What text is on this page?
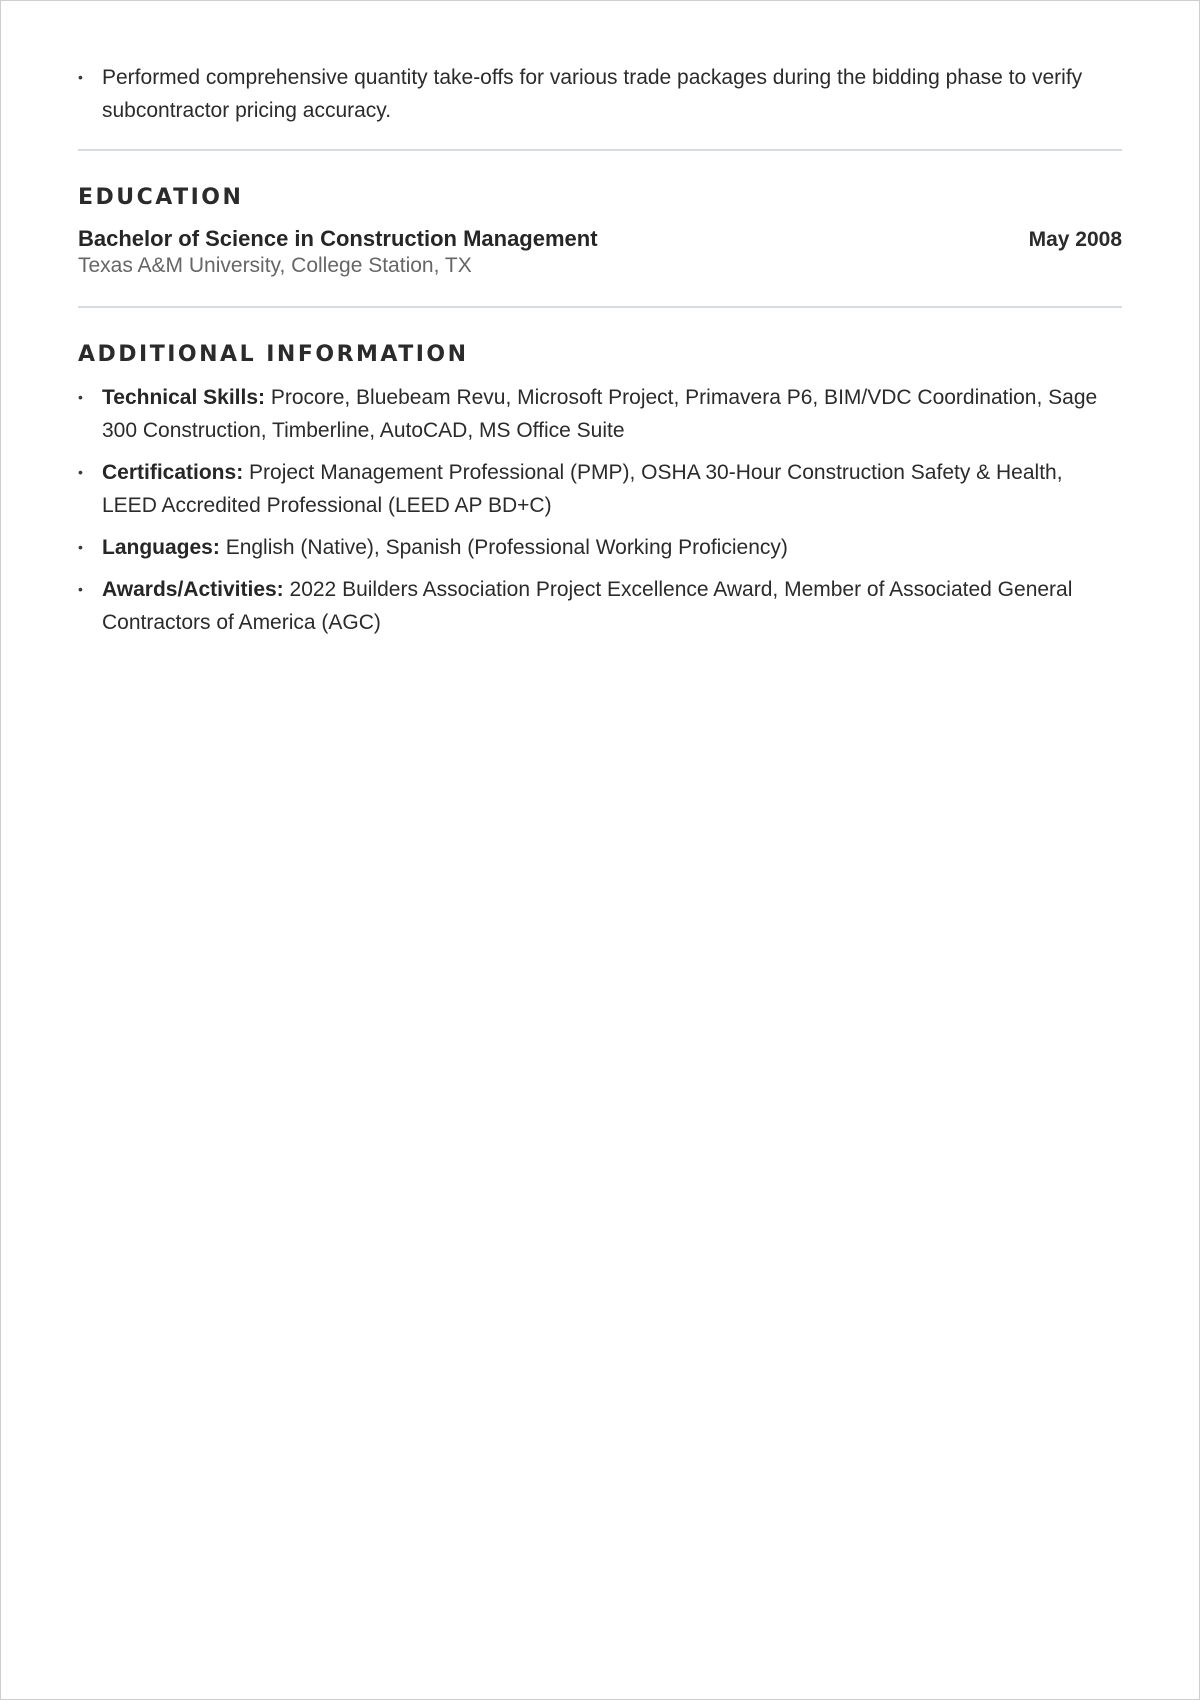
• Performed comprehensive quantity take-offs for various trade packages during the bidding phase to verify subcontractor pricing accuracy.
EDUCATION
Bachelor of Science in Construction Management	May 2008
Texas A&M University, College Station, TX
ADDITIONAL INFORMATION
• Technical Skills: Procore, Bluebeam Revu, Microsoft Project, Primavera P6, BIM/VDC Coordination, Sage 300 Construction, Timberline, AutoCAD, MS Office Suite
• Certifications: Project Management Professional (PMP), OSHA 30-Hour Construction Safety & Health, LEED Accredited Professional (LEED AP BD+C)
• Languages: English (Native), Spanish (Professional Working Proficiency)
• Awards/Activities: 2022 Builders Association Project Excellence Award, Member of Associated General Contractors of America (AGC)
